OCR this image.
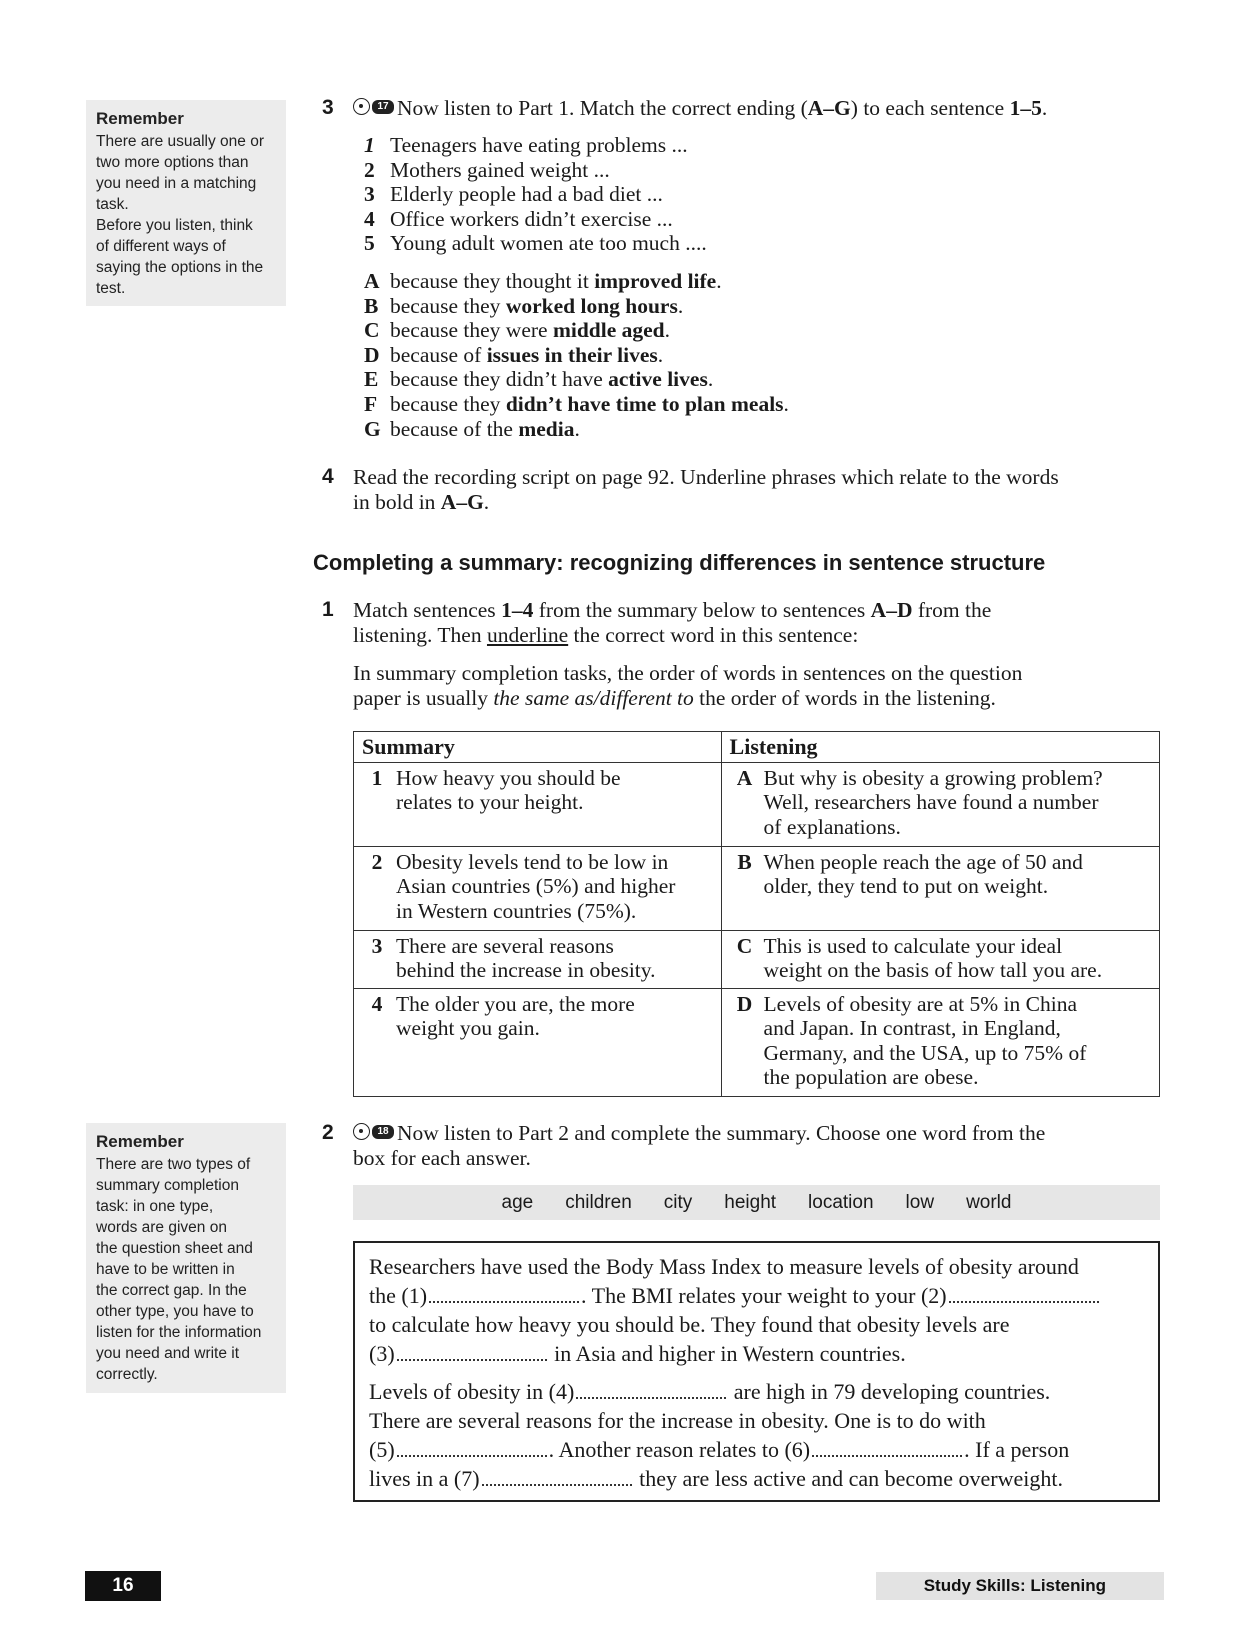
Remember

There are usually one or
two more options than
you need in a matching
task.
Before you listen, think
of different ways of
saying the options in the
test.

3	17 Now listen to Part 1. Match the correct ending (A–G) to each sentence 1–5.
1 Teenagers have eating problems ...
2 Mothers gained weight ...
3 Elderly people had a bad diet ...
4 Office workers didn’t exercise ...
5 Young adult women ate too much ....
A because they thought it improved life.
B because they worked long hours.
C because they were middle aged.
D because of issues in their lives.
E because they didn’t have active lives.
F because they didn’t have time to plan meals.
G because of the media.
4 Read the recording script on page 92. Underline phrases which relate to the words
in bold in A–G.
Completing a summary: recognizing differences in sentence structure
1 Match sentences 1–4 from the summary below to sentences A–D from the
listening. Then underline the correct word in this sentence:
In summary completion tasks, the order of words in sentences on the question
paper is usually the same as/different to the order of words in the listening.
Summary	Listening

1 How heavy you should be
relates to your height.	A But why is obesity a growing problem?
Well, researchers have found a number
of explanations.

2 Obesity levels tend to be low in
Asian countries (5%) and higher
in Western countries (75%).	B When people reach the age of 50 and
older, they tend to put on weight.

3 There are several reasons
behind the increase in obesity.	C This is used to calculate your ideal
weight on the basis of how tall you are.

4 The older you are, the more
weight you gain.	D Levels of obesity are at 5% in China
and Japan. In contrast, in England,
Germany, and the USA, up to 75% of
the population are obese.
Remember

There are two types of
summary completion
task: in one type,
words are given on
the question sheet and
have to be written in
the correct gap. In the
other type, you have to
listen for the information
you need and write it
correctly.

2	18 Now listen to Part 2 and complete the summary. Choose one word from the
box for each answer.
age children city height location low world

Researchers have used the Body Mass Index to measure levels of obesity around
the (1)	. The BMI relates your weight to your (2)
to calculate how heavy you should be. They found that obesity levels are
(3)	in Asia and higher in Western countries.

Levels of obesity in (4)	are high in 79 developing countries.
There are several reasons for the increase in obesity. One is to do with
(5)	. Another reason relates to (6)	. If a person
lives in a (7)	they are less active and can become overweight.

16	Study Skills: Listening
